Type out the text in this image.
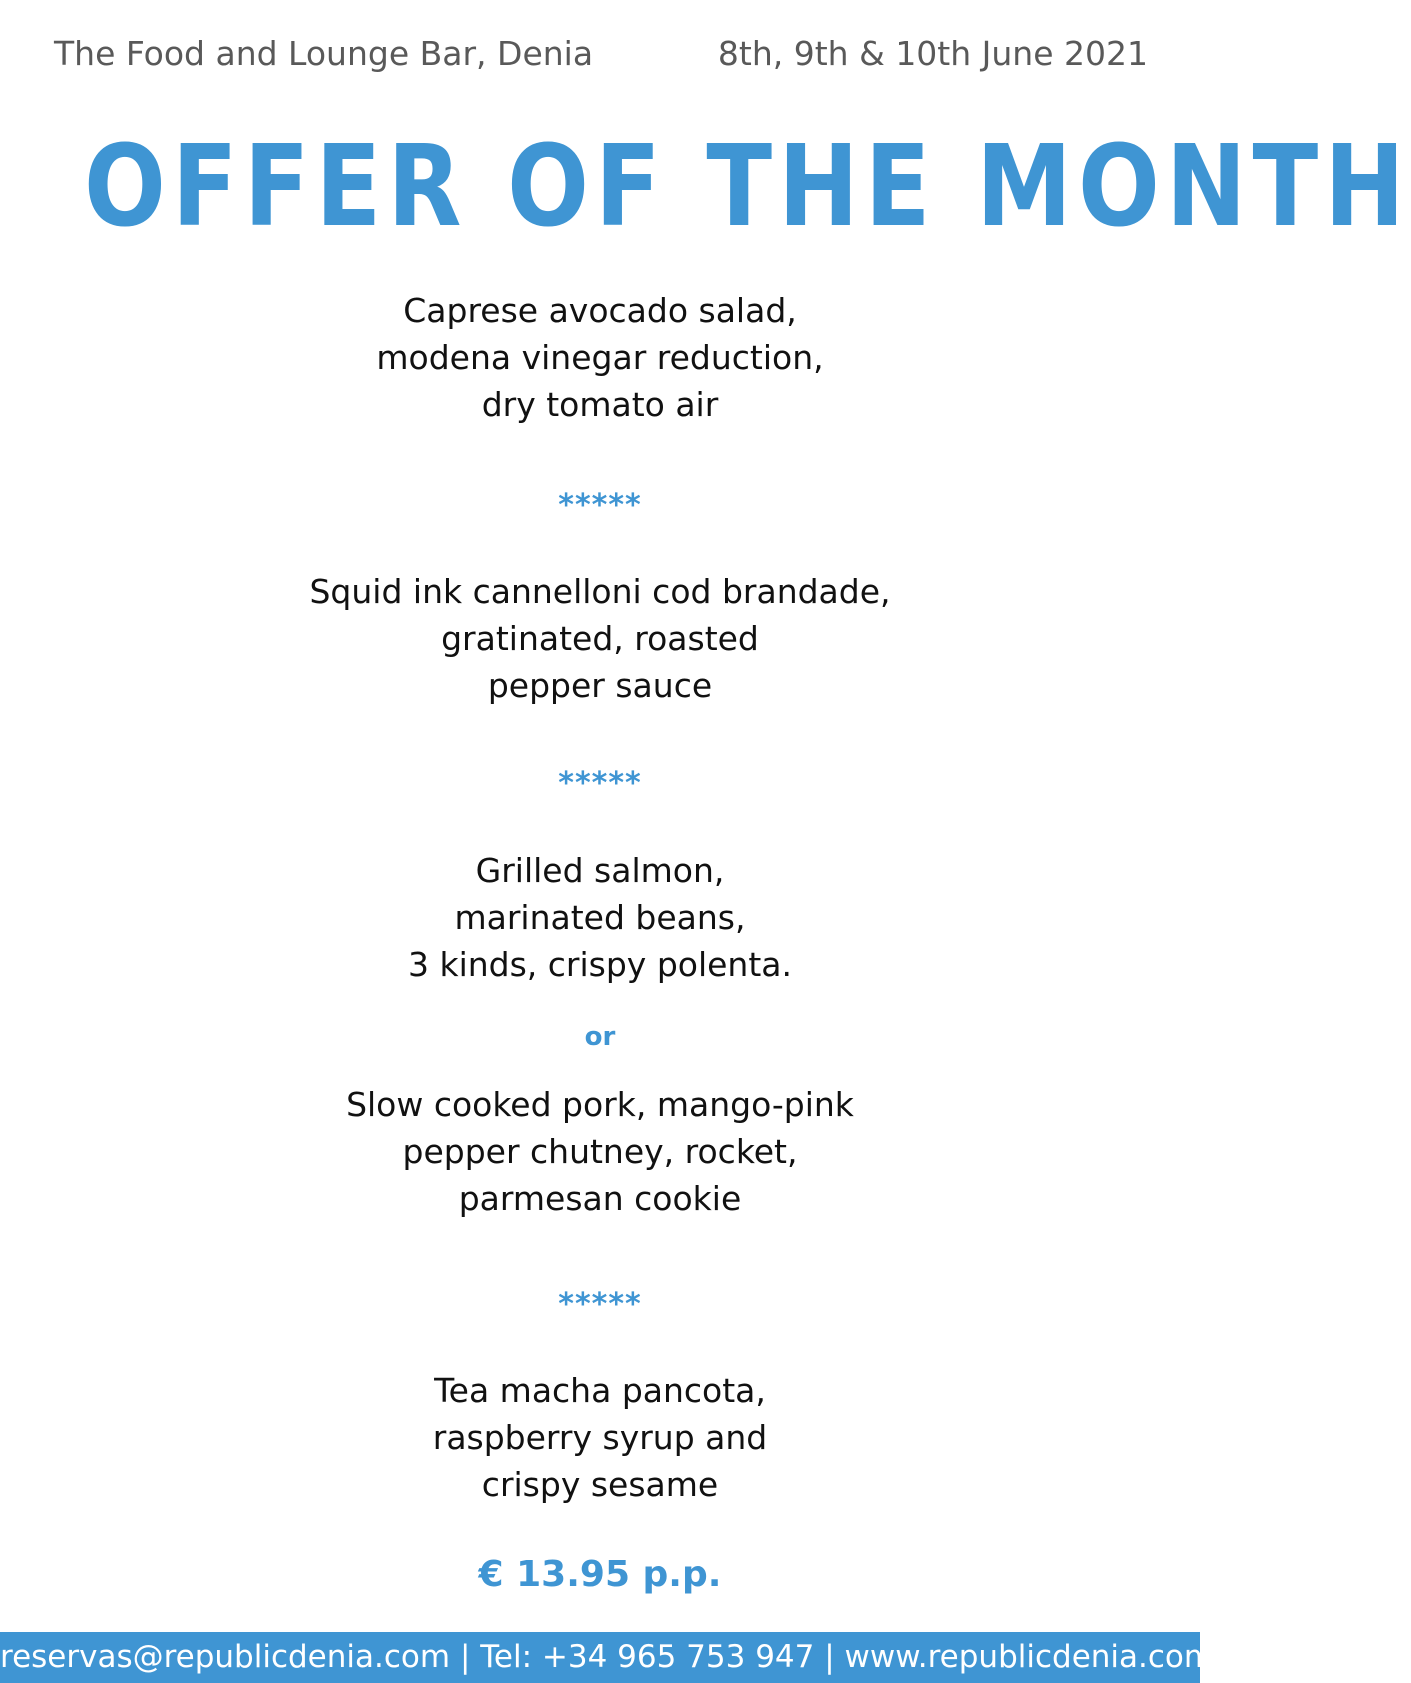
The Food and Lounge Bar, Denia	8th, 9th & 10th June 2021
OFFER OF THE MONTH
Caprese avocado salad,
modena vinegar reduction,
dry tomato air
*****
Squid ink cannelloni cod brandade,
gratinated, roasted
pepper sauce
*****
Grilled salmon,
marinated beans,
3 kinds, crispy polenta.
or
Slow cooked pork, mango-pink
pepper chutney, rocket,
parmesan cookie
*****
Tea macha pancota,
raspberry syrup and
crispy sesame
€ 13.95 p.p.
reservas@republicdenia.com | Tel: +34 965 753 947 | www.republicdenia.com
